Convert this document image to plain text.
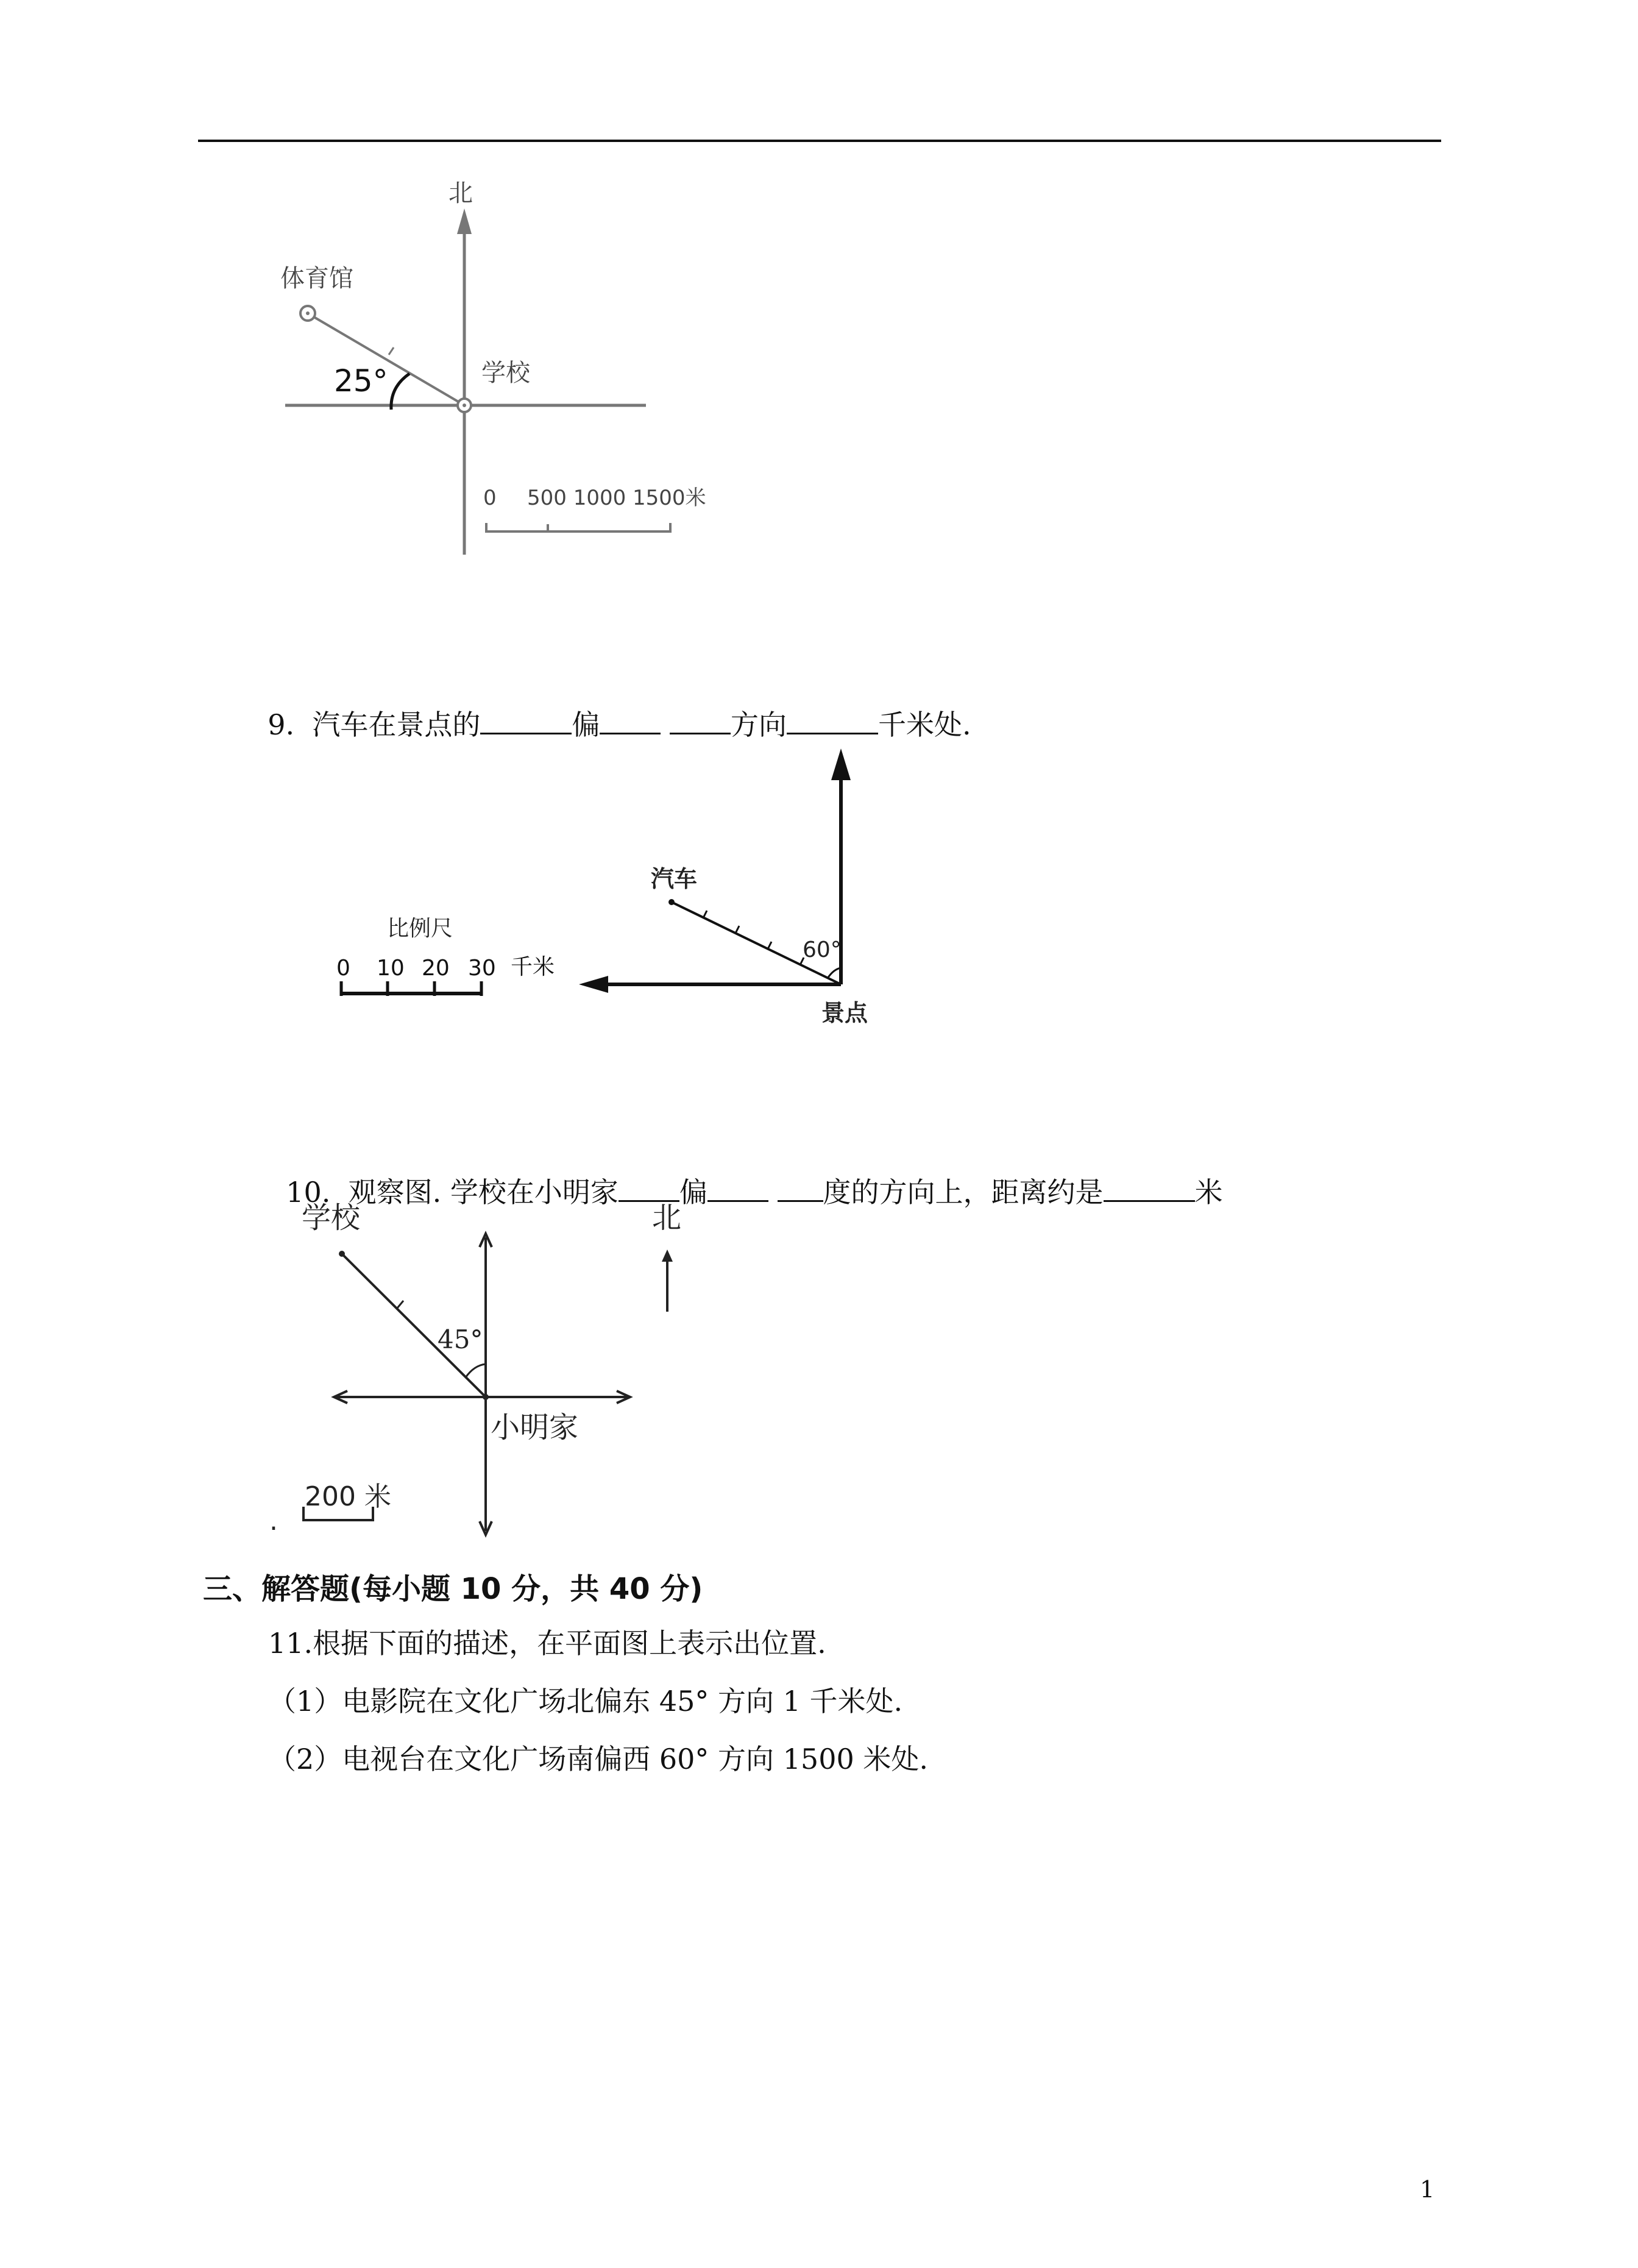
北
体育馆
学校
25°
0 500 1000 1500米

9. 汽车在景点的	偏	方向	千米处.

汽车
景点
60°
比例尺
0 10 20 30 千米

10. 观察图. 学校在小明家 偏	度的方向上，距离约是	米

学校	北
45°
小明家
200 米
.
三、解答题(每小题 10 分，共 40 分)
11.根据下面的描述，在平面图上表示出位置.
（1）电影院在文化广场北偏东 45° 方向 1 千米处.
（2）电视台在文化广场南偏西 60° 方向 1500 米处.
1
